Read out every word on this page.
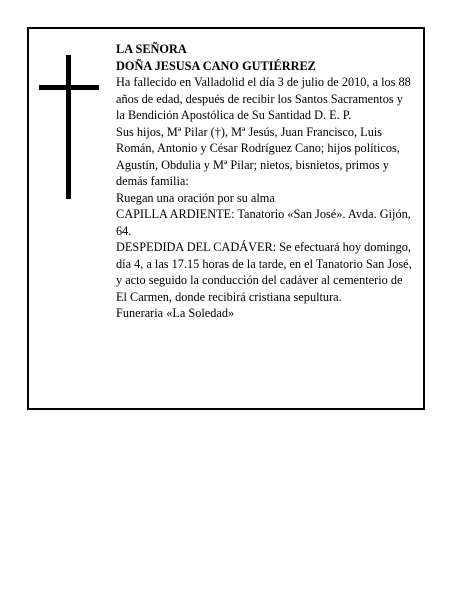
LA SEÑORA

DOÑA JESUSA CANO GUTIÉRREZ

Ha fallecido en Valladolid el día 3 de julio de 2010, a los 88 años de edad, después de recibir los Santos Sacramentos y la Bendición Apostólica de Su Santidad D. E. P.

Sus hijos, Mª Pilar (†), Mª Jesús, Juan Francisco, Luis Román, Antonio y César Rodríguez Cano; hijos políticos, Agustín, Obdulia y Mª Pilar; nietos, bisnietos, primos y demás familia:

Ruegan una oración por su alma

CAPILLA ARDIENTE: Tanatorio «San José». Avda. Gijón, 64.

DESPEDIDA DEL CADÁVER: Se efectuará hoy domingo, día 4, a las 17.15 horas de la tarde, en el Tanatorio San José, y acto seguido la conducción del cadáver al cementerio de El Carmen, donde recibirá cristiana sepultura.

Funeraria «La Soledad»
